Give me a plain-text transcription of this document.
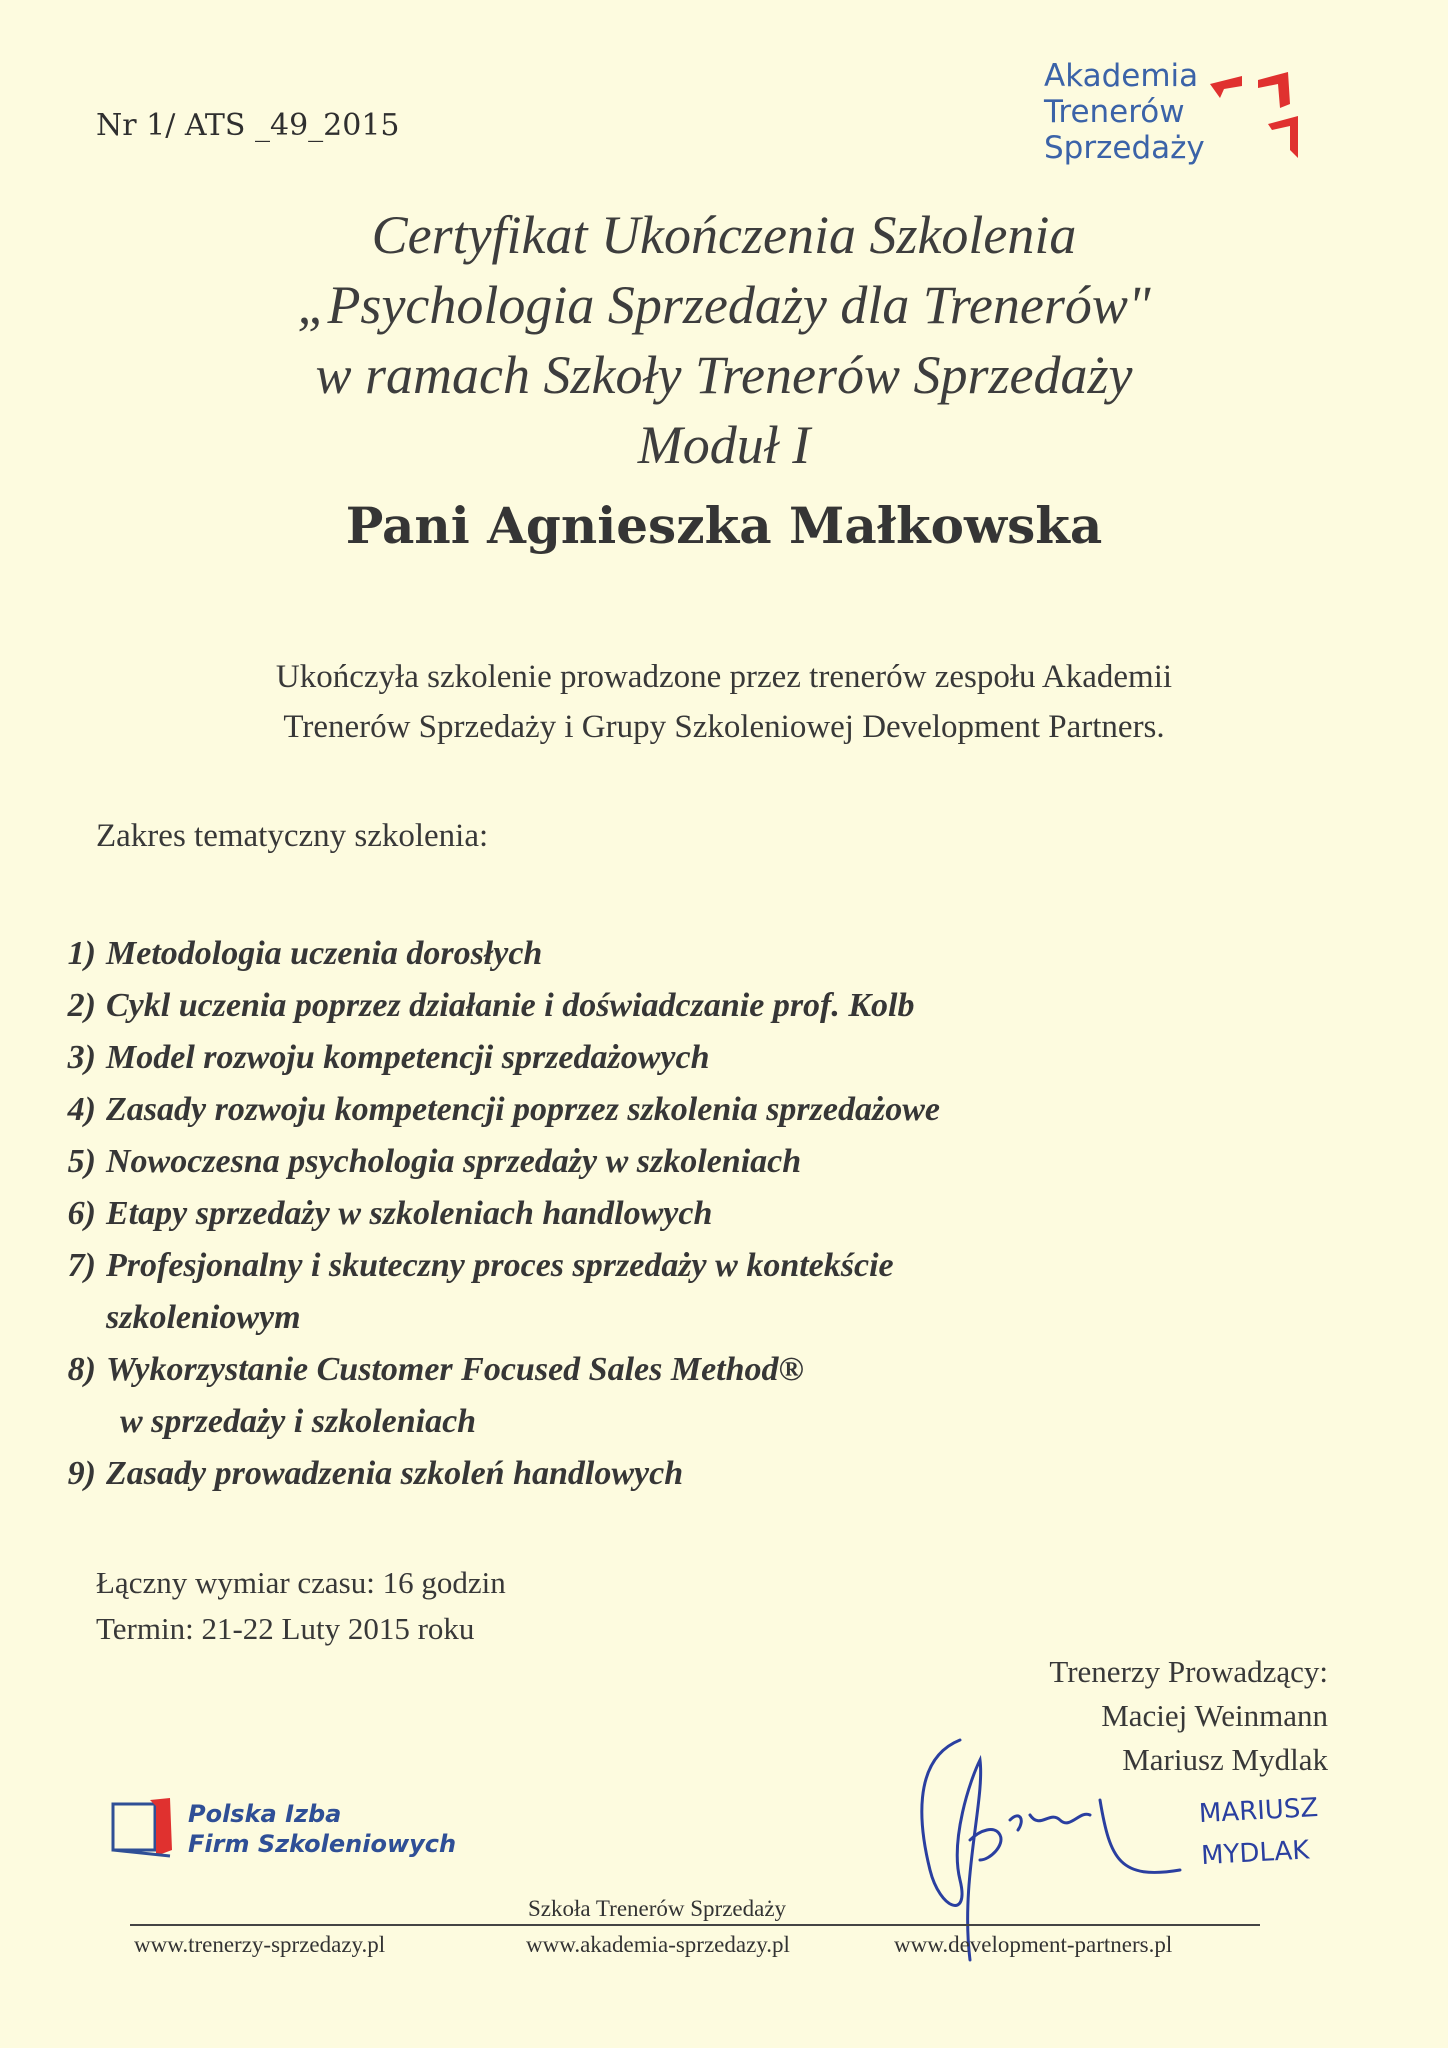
Nr 1/ ATS _49_2015
Akademia
Trenerów
Sprzedaży
Certyfikat Ukończenia Szkolenia
„Psychologia Sprzedaży dla Trenerów"
w ramach Szkoły Trenerów Sprzedaży
Moduł I
Pani Agnieszka Małkowska
Ukończyła szkolenie prowadzone przez trenerów zespołu Akademii
Trenerów Sprzedaży i Grupy Szkoleniowej Development Partners.
Zakres tematyczny szkolenia:
1) Metodologia uczenia dorosłych
2) Cykl uczenia poprzez działanie i doświadczanie prof. Kolb
3) Model rozwoju kompetencji sprzedażowych
4) Zasady rozwoju kompetencji poprzez szkolenia sprzedażowe
5) Nowoczesna psychologia sprzedaży w szkoleniach
6) Etapy sprzedaży w szkoleniach handlowych
7) Profesjonalny i skuteczny proces sprzedaży w kontekście
szkoleniowym
8) Wykorzystanie Customer Focused Sales Method®
w sprzedaży i szkoleniach
9) Zasady prowadzenia szkoleń handlowych
Łączny wymiar czasu: 16 godzin
Termin: 21-22 Luty 2015 roku
Trenerzy Prowadzący:
Maciej Weinmann
Mariusz Mydlak
MARIUSZ
MYDLAK
Polska Izba
Firm Szkoleniowych
Szkoła Trenerów Sprzedaży
www.trenerzy-sprzedazy.pl	www.akademia-sprzedazy.pl	www.development-partners.pl
